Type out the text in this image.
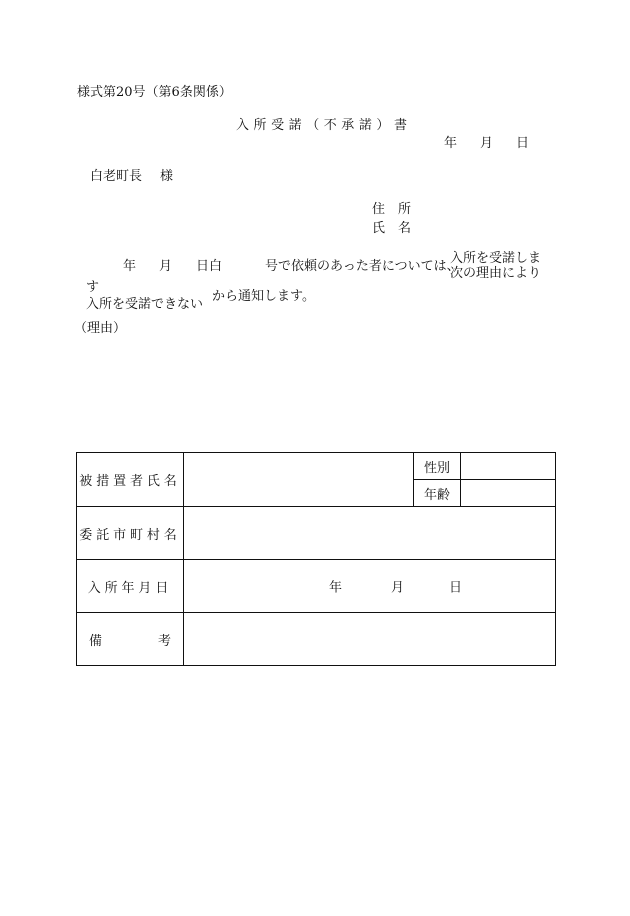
様式第20号（第6条関係）
入所受諾（不承諾）書
年 月 日
白老町長 様
住　所
氏　名
年 月 日白	号で依頼のあった者については、
入所を受諾しま
次の理由により
す
入所を受諾できない
から通知します。
（理由）
被措置者氏名		性別	
		年齢	
委託市町村名			
入所年月日	年 月 日		

備 考			
